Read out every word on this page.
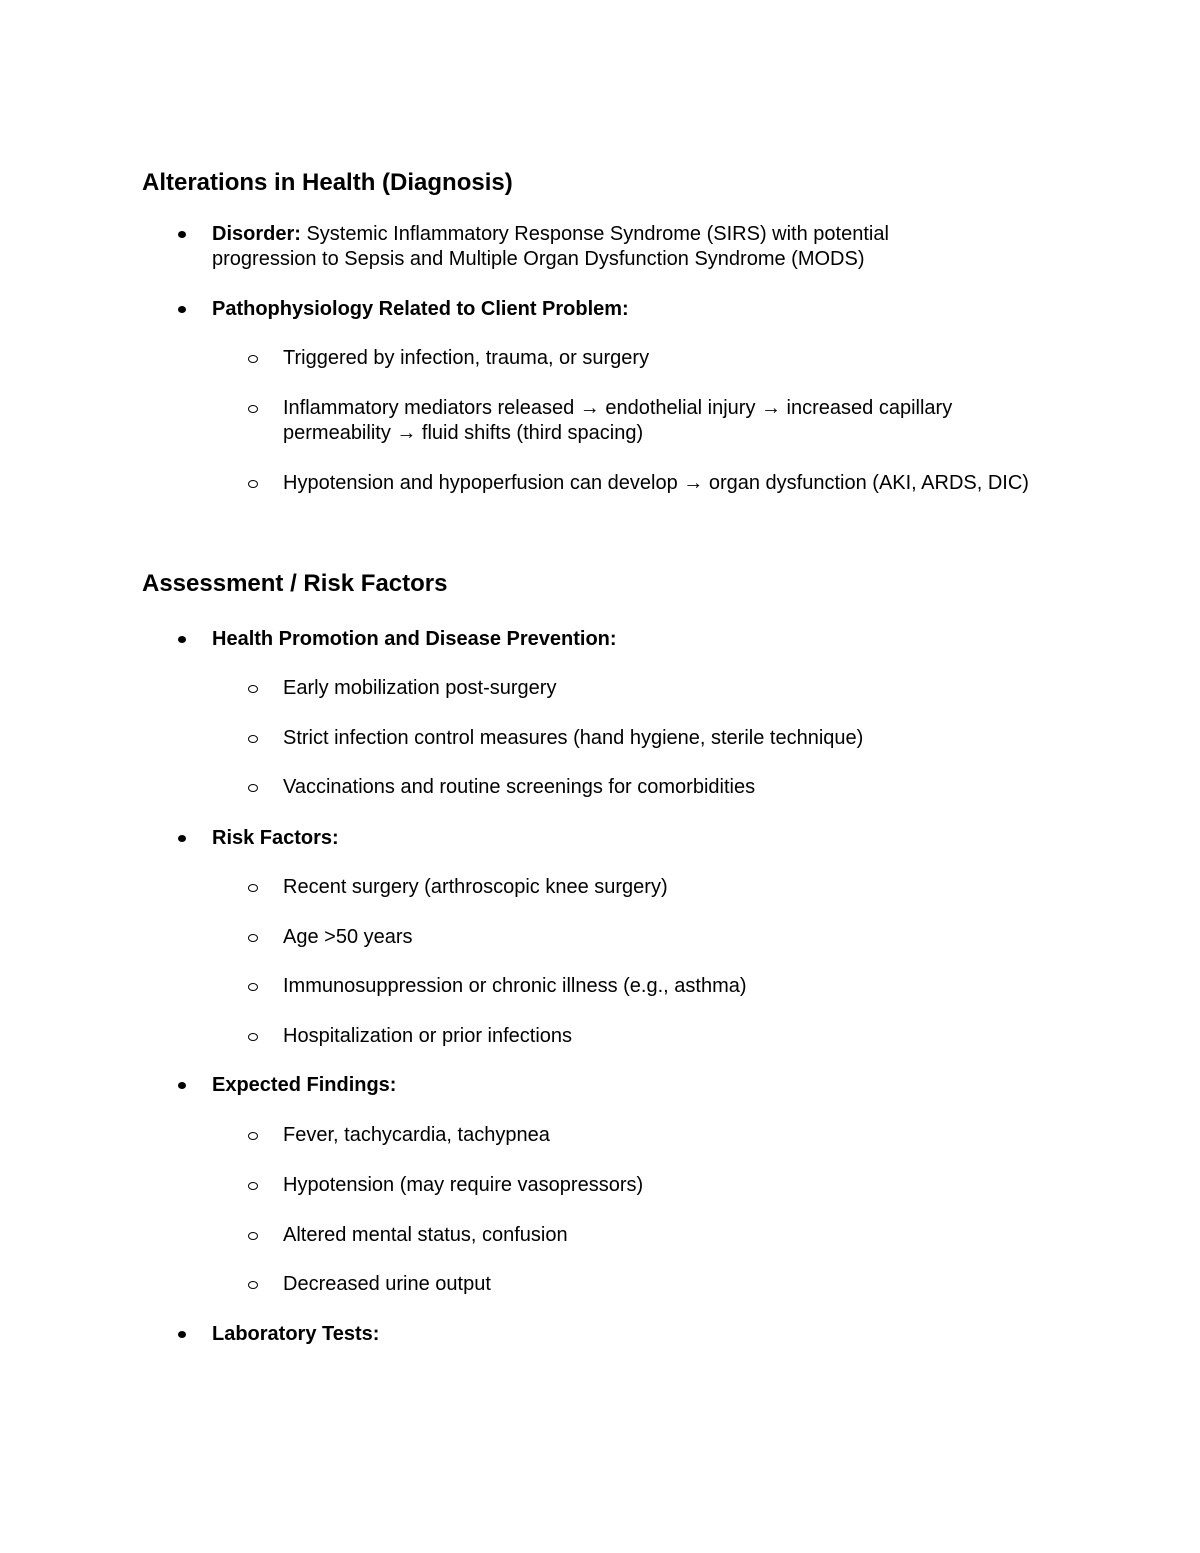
Alterations in Health (Diagnosis)
Disorder: Systemic Inflammatory Response Syndrome (SIRS) with potential progression to Sepsis and Multiple Organ Dysfunction Syndrome (MODS)
Pathophysiology Related to Client Problem:
Triggered by infection, trauma, or surgery
Inflammatory mediators released → endothelial injury → increased capillary permeability → fluid shifts (third spacing)
Hypotension and hypoperfusion can develop → organ dysfunction (AKI, ARDS, DIC)
Assessment / Risk Factors
Health Promotion and Disease Prevention:
Early mobilization post-surgery
Strict infection control measures (hand hygiene, sterile technique)
Vaccinations and routine screenings for comorbidities
Risk Factors:
Recent surgery (arthroscopic knee surgery)
Age >50 years
Immunosuppression or chronic illness (e.g., asthma)
Hospitalization or prior infections
Expected Findings:
Fever, tachycardia, tachypnea
Hypotension (may require vasopressors)
Altered mental status, confusion
Decreased urine output
Laboratory Tests:
